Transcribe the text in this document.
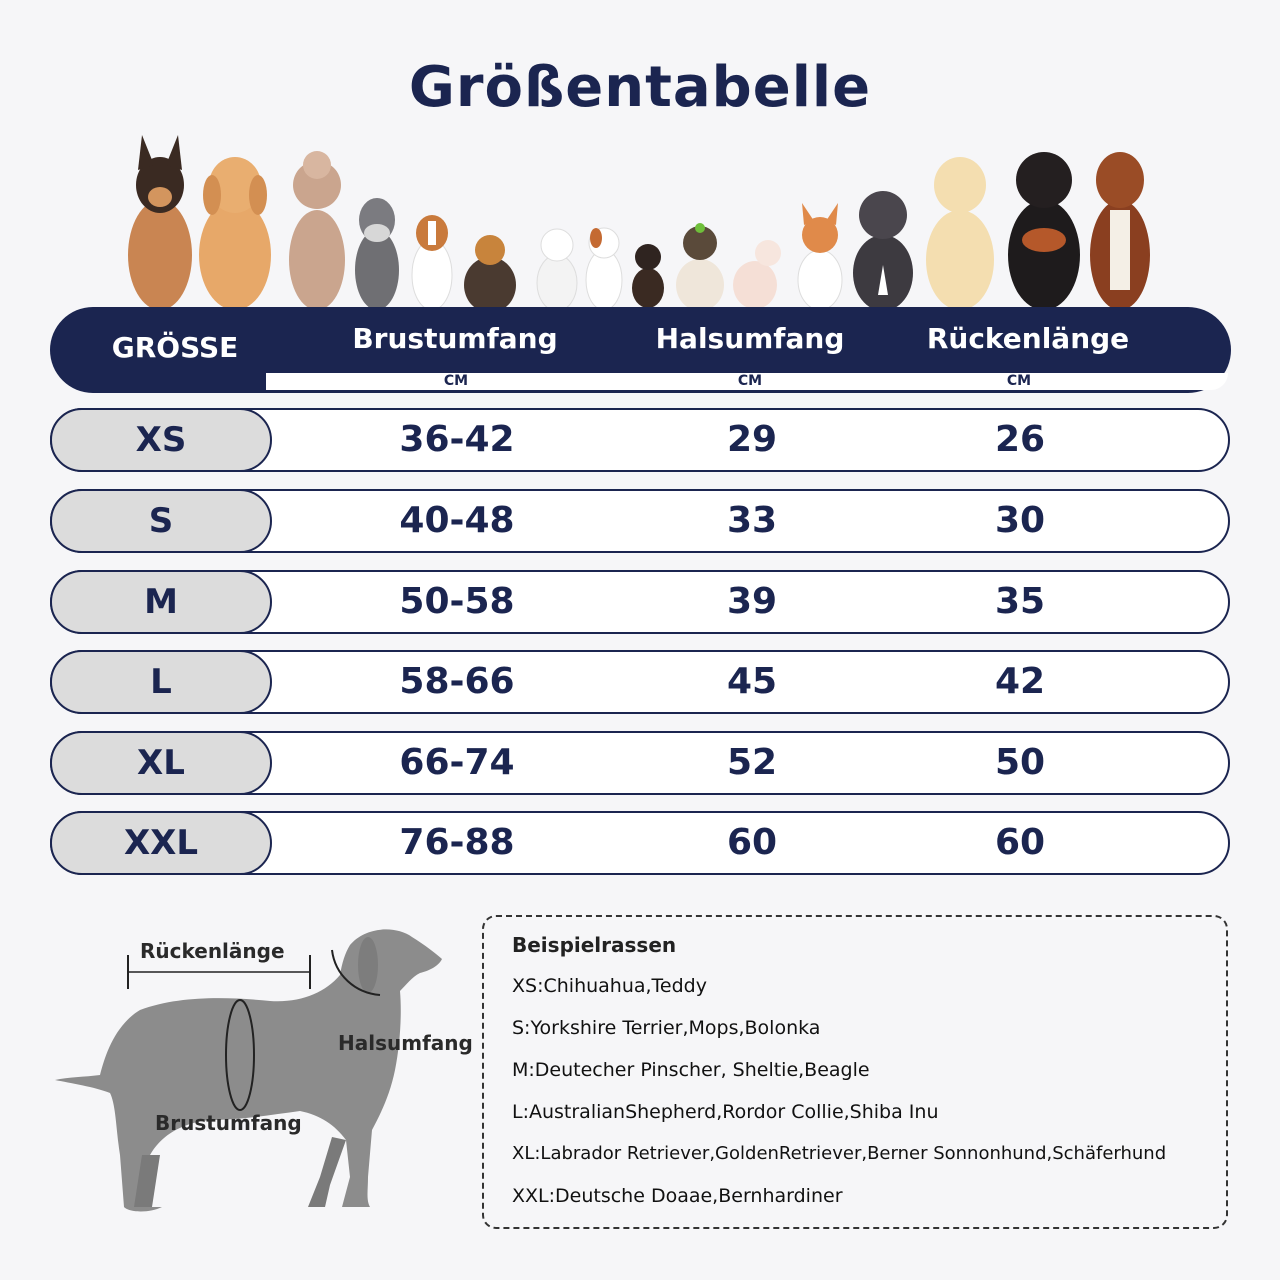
Größentabelle
GRÖSSE	Brustumfang	Halsumfang	Rückenlänge
CM	CM	CM
XS	36-42	29	26
S	40-48	33	30
M	50-58	39	35
L	58-66	45	42
XL	66-74	52	50
XXL	76-88	60	60
Rückenlänge
Halsumfang
Brustumfang
Beispielrassen
XS:Chihuahua,Teddy
S:Yorkshire Terrier,Mops,Bolonka
M:Deutecher Pinscher, Sheltie,Beagle
L:AustralianShepherd,Rordor Collie,Shiba Inu
XL:Labrador Retriever,GoldenRetriever,Berner Sonnonhund,Schäferhund
XXL:Deutsche Doaae,Bernhardiner
